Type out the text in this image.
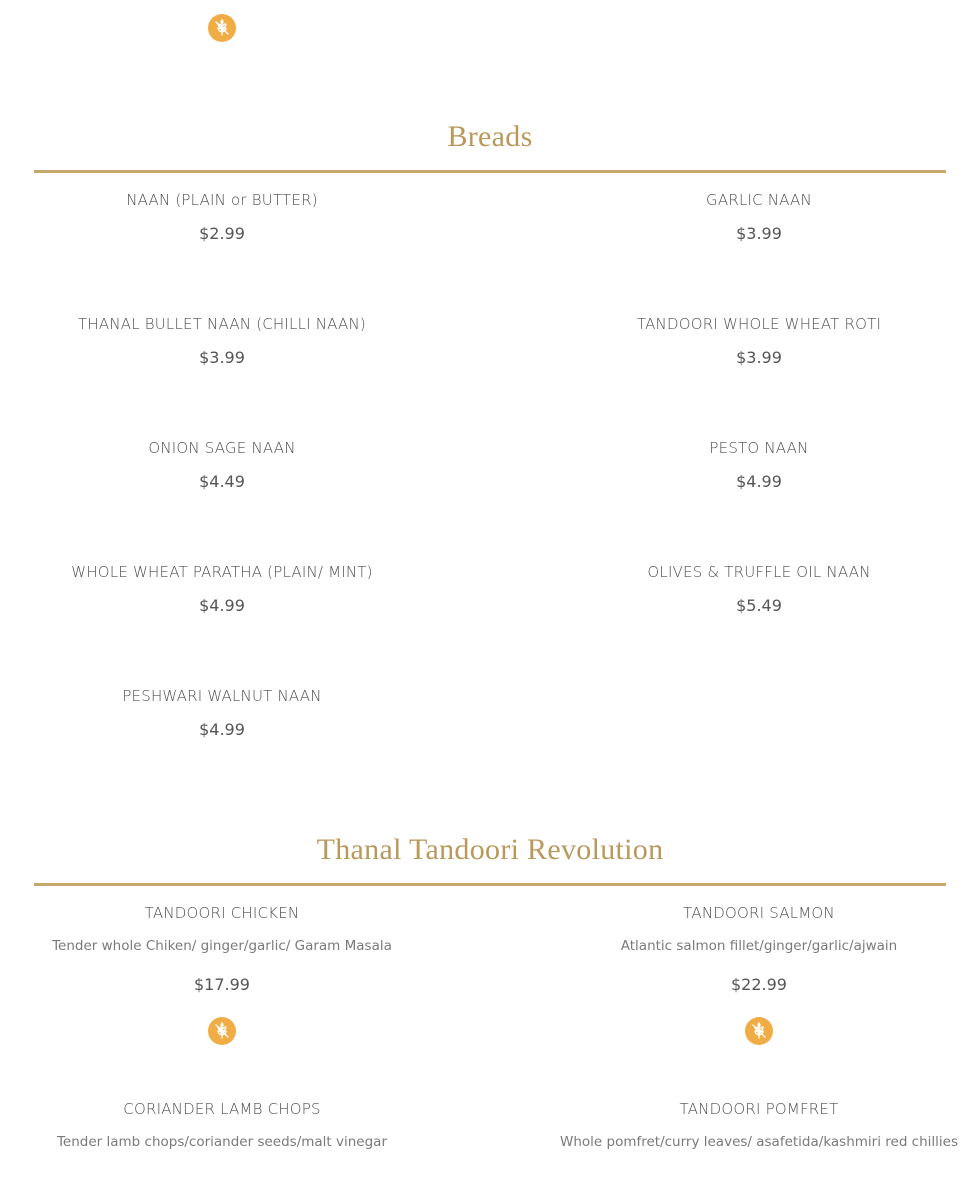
Breads
NAAN (PLAIN or BUTTER)
$2.99
GARLIC NAAN
$3.99
THANAL BULLET NAAN (CHILLI NAAN)
$3.99
TANDOORI WHOLE WHEAT ROTI
$3.99
ONION SAGE NAAN
$4.49
PESTO NAAN
$4.99
WHOLE WHEAT PARATHA (PLAIN/ MINT)
$4.99
OLIVES & TRUFFLE OIL NAAN
$5.49
PESHWARI WALNUT NAAN
$4.99
Thanal Tandoori Revolution
TANDOORI CHICKEN
Tender whole Chiken/ ginger/garlic/ Garam Masala
$17.99
TANDOORI SALMON
Atlantic salmon fillet/ginger/garlic/ajwain
$22.99
CORIANDER LAMB CHOPS
Tender lamb chops/coriander seeds/malt vinegar
TANDOORI POMFRET
Whole pomfret/curry leaves/ asafetida/kashmiri red chillies
